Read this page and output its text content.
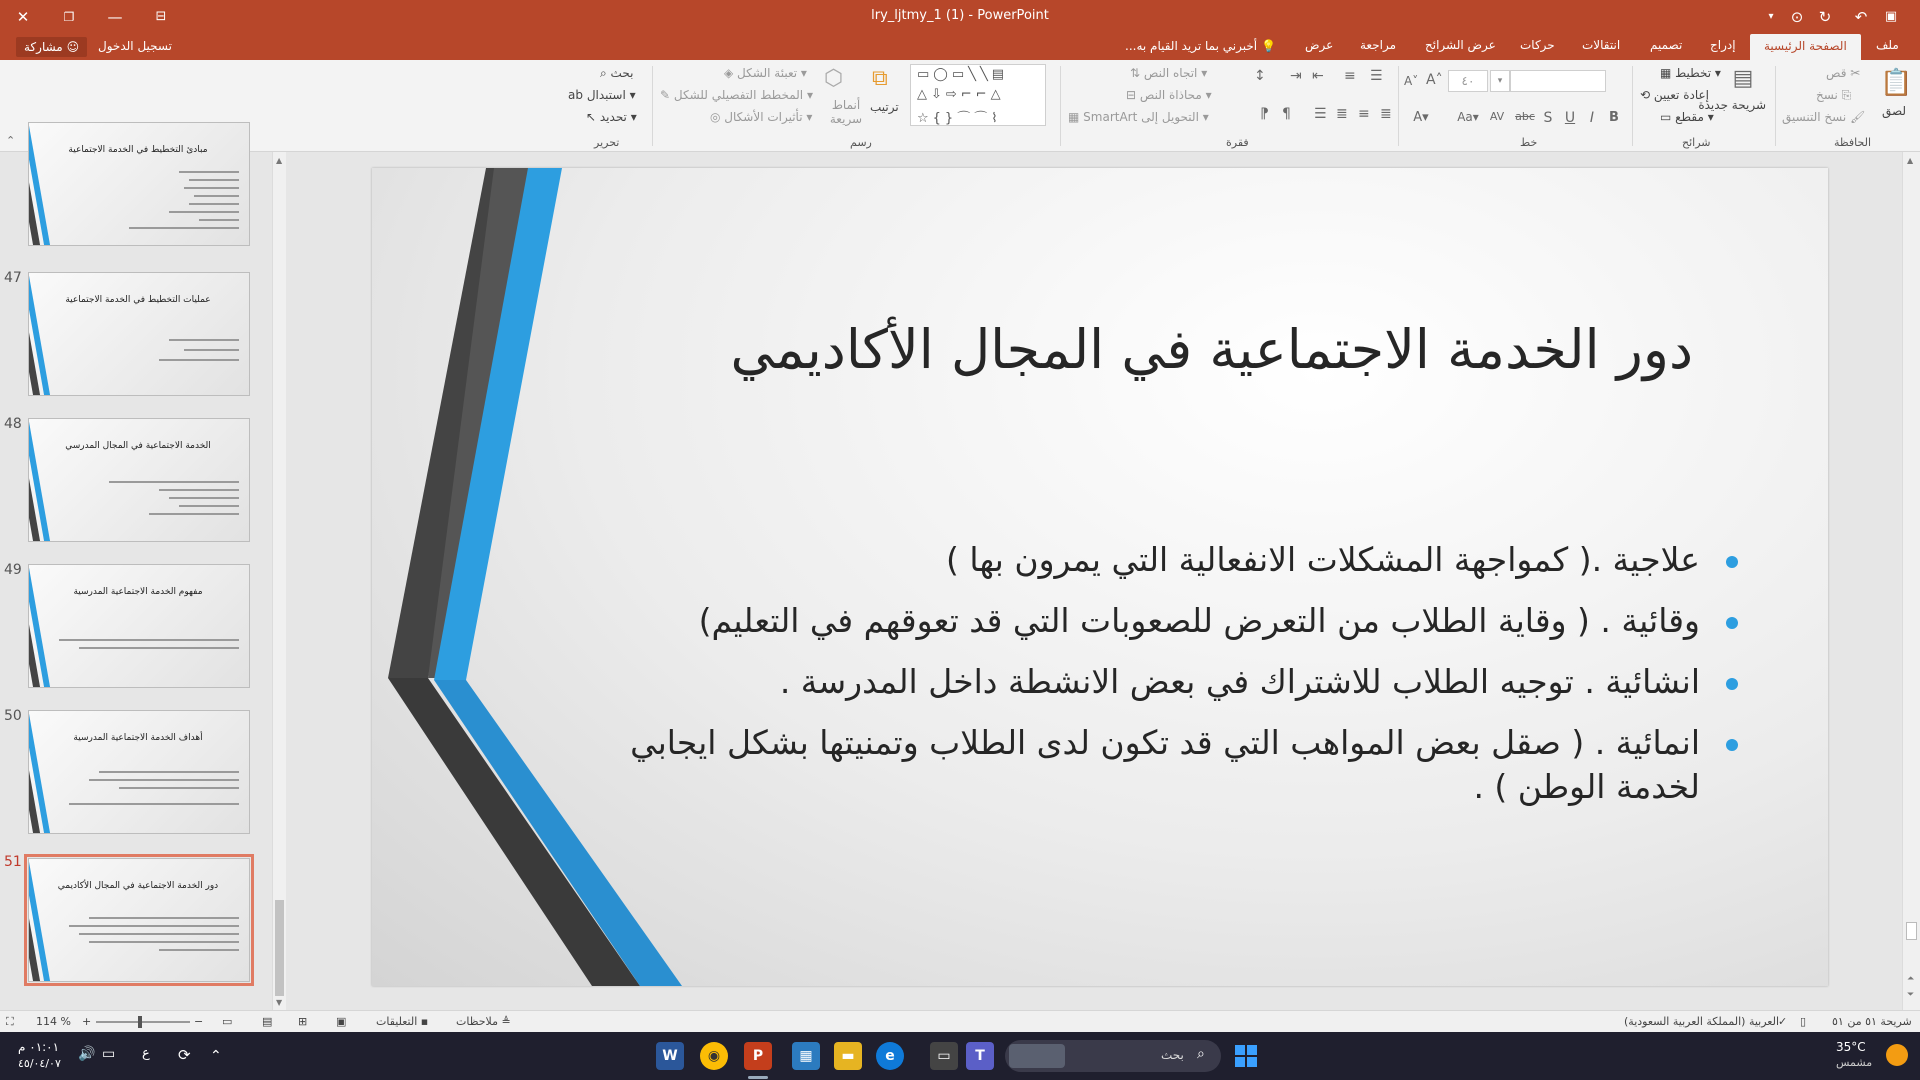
lry_ljtmy_1 (1) - PowerPoint
✕	❐	—	⊟	▾	⊙	↻	↶	▣
☺ مشاركة	تسجيل الدخول	💡 أخبرني بما تريد القيام به...	عرض مراجعة عرض الشرائح حركات انتقالات تصميم إدراج	الصفحة الرئيسية	ملف
📋
لصق
✂ قص
⎘ نسخ
🖌 نسخ التنسيق
الحافظة
▤
شريحة جديدة
▾ تخطيط ▦
إعادة تعيين ⟲
▾ مقطع ▭
شرائح
▾
٤٠
A˄
A˅
B
I
U
S
abc
AV
Aa▾
A▾
خط
☰
≡
⇤
⇥
↕
≣
≡
≣
☰
¶
⁋
▾ اتجاه النص ⇅
▾ محاذاة النص ⊟
▾ التحويل إلى SmartArt ▦
فقرة
▭◯▭╲╲▤
△⇩⇨⌐⌐△
☆{}⌒⌒⌇
⧉
ترتيب
⬡
أنماط سريعة
▾ تعبئة الشكل ◈
▾ المخطط التفصيلي للشكل ✎
▾ تأثيرات الأشكال ◎
رسم
بحث ⌕
▾ استبدال ab
▾ تحديد ↖
تحرير
⌃
مبادئ التخطيط في الخدمة الاجتماعية
47
عمليات التخطيط في الخدمة الاجتماعية
48
الخدمة الاجتماعية في المجال المدرسي
49
مفهوم الخدمة الاجتماعية المدرسية
50
أهداف الخدمة الاجتماعية المدرسية
51
دور الخدمة الاجتماعية في المجال الأكاديمي
▲
▼
دور الخدمة الاجتماعية في المجال الأكاديمي
علاجية .( كمواجهة المشكلات الانفعالية التي يمرون بها )
وقائية . ( وقاية الطلاب من التعرض للصعوبات التي قد تعوقهم في التعليم)
انشائية . توجيه الطلاب للاشتراك في بعض الانشطة داخل المدرسة .
انمائية . ( صقل بعض المواهب التي قد تكون لدى الطلاب وتمنيتها بشكل ايجابي لخدمة الوطن ) .
▲
⏶
⏷
شريحة ٥١ من ٥١
▯
العربية (المملكة العربية السعودية)
✓
≜ ملاحظات
▪ التعليقات
▣
⊞
▤
▭
−
+
114 %
⛶
35°C
مشمس
⌕
بحث
T
▭
e
▬
▦
P
◉
W
⌃
⟳
ع
▭
🔊
٠١:٠١ م
٤٥/٠٤/٠٧
